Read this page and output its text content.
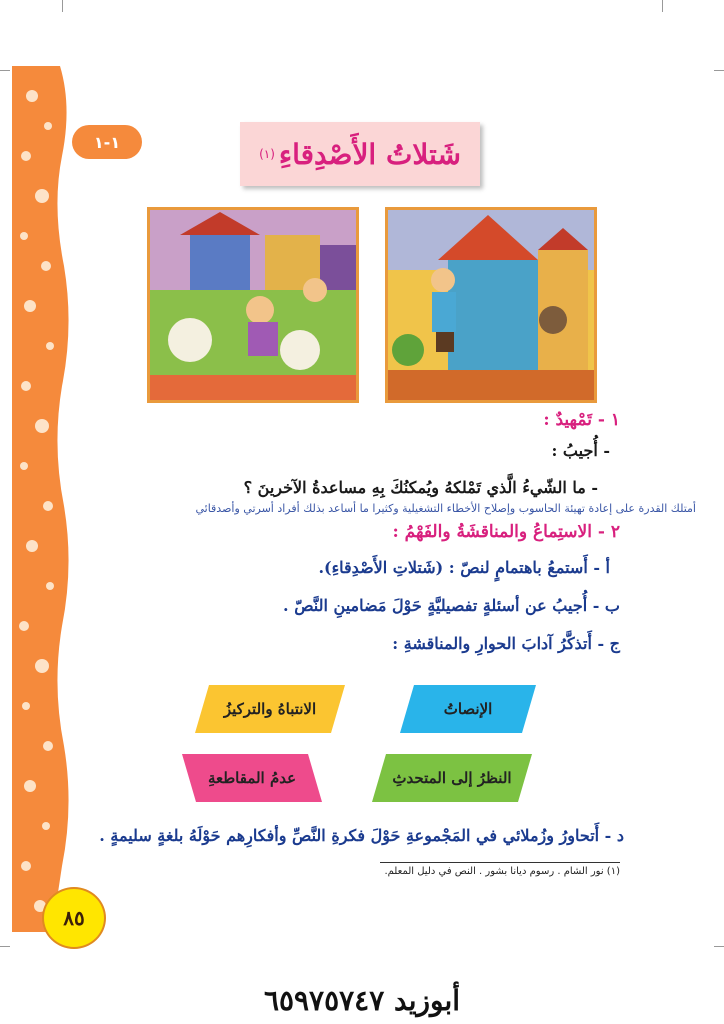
١-١	شَتلاتُ الأَصْدِقاءِ
(١)
١ - تَمْهيدٌ :
- أُجيبُ :
- ما الشّيءُ الَّذي تَمْلكهُ ويُمكنُكَ بِهِ مساعدةُ الآخرينَ ؟
أمتلك القدرة على إعادة تهيئة الحاسوب وإصلاح الأخطاء التشغيلية وكثيرا ما أساعد بذلك أفراد أسرتي وأصدقائي
٢ - الاستِماعُ والمناقشَةُ والفَهْمُ :
أ - أَستمعُ باهتمامٍ لنصّ : (شَتلاتِ الأَصْدِقاءِ).
ب - أُجيبُ عن أسئلةٍ تفصيليَّةٍ حَوْلَ مَضامينِ النَّصّ .
ج - أَتذكَّرُ آدابَ الحوارِ والمناقشةِ :
الإنصاتُ
الانتباهُ والتركيزُ
النظرُ إلى المتحدثِ
عدمُ المقاطعةِ
د - أَتحاورُ وزُملائي في المَجْموعةِ حَوْلَ فكرةِ النَّصِّ وأفكارِهم حَوْلَهُ بلغةٍ سليمةٍ .
(١) نور الشام . رسوم ديانا بشور . النص في دليل المعلم.
٨٥
أبوزيد ٦٥٩٧٥٧٤٧
